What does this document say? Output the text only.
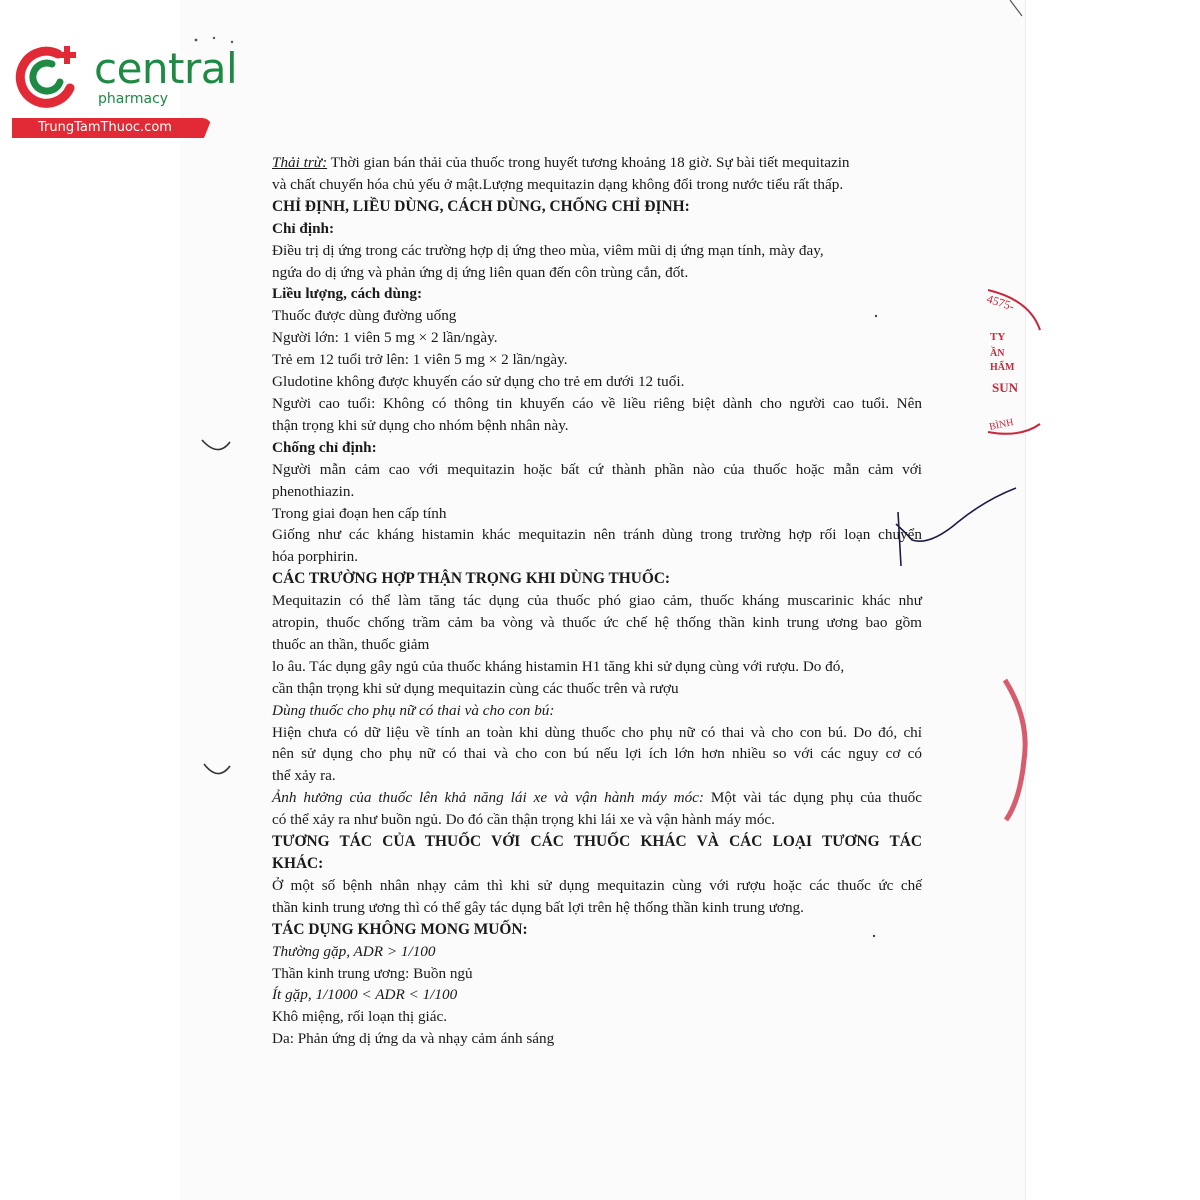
central
pharmacy
TrungTamThuoc.com
4575-
TY
ẦN
HẨM
SUN
BÌNH
Thải trừ: Thời gian bán thải của thuốc trong huyết tương khoảng 18 giờ. Sự bài tiết mequitazin
và chất chuyển hóa chủ yếu ở mật.Lượng mequitazin dạng không đổi trong nước tiểu rất thấp.
CHỈ ĐỊNH, LIỀU DÙNG, CÁCH DÙNG, CHỐNG CHỈ ĐỊNH:
Chỉ định:
Điều trị dị ứng trong các trường hợp dị ứng theo mùa, viêm mũi dị ứng mạn tính, mày đay,
ngứa do dị ứng và phản ứng dị ứng liên quan đến côn trùng cắn, đốt.
Liều lượng, cách dùng:
Thuốc được dùng đường uống
Người lớn: 1 viên 5 mg × 2 lần/ngày.
Trẻ em 12 tuổi trở lên: 1 viên 5 mg × 2 lần/ngày.
Gludotine không được khuyến cáo sử dụng cho trẻ em dưới 12 tuổi.
Người cao tuổi: Không có thông tin khuyến cáo về liều riêng biệt dành cho người cao tuổi. Nên
thận trọng khi sử dụng cho nhóm bệnh nhân này.
Chống chỉ định:
Người mẫn cảm cao với mequitazin hoặc bất cứ thành phần nào của thuốc hoặc mẫn cảm với
phenothiazin.
Trong giai đoạn hen cấp tính
Giống như các kháng histamin khác mequitazin nên tránh dùng trong trường hợp rối loạn chuyển
hóa porphirin.
CÁC TRƯỜNG HỢP THẬN TRỌNG KHI DÙNG THUỐC:
Mequitazin có thể làm tăng tác dụng của thuốc phó giao cảm, thuốc kháng muscarinic khác như
atropin, thuốc chống trầm cảm ba vòng và thuốc ức chế hệ thống thần kinh trung ương bao gồm
thuốc an thần, thuốc giảm
lo âu. Tác dụng gây ngủ của thuốc kháng histamin H1 tăng khi sử dụng cùng với rượu. Do đó,
cần thận trọng khi sử dụng mequitazin cùng các thuốc trên và rượu
Dùng thuốc cho phụ nữ có thai và cho con bú:
Hiện chưa có dữ liệu về tính an toàn khi dùng thuốc cho phụ nữ có thai và cho con bú. Do đó, chỉ
nên sử dụng cho phụ nữ có thai và cho con bú nếu lợi ích lớn hơn nhiều so với các nguy cơ có
thể xảy ra.
Ảnh hưởng của thuốc lên khả năng lái xe và vận hành máy móc: Một vài tác dụng phụ của thuốc
có thể xảy ra như buồn ngủ. Do đó cần thận trọng khi lái xe và vận hành máy móc.
TƯƠNG TÁC CỦA THUỐC VỚI CÁC THUỐC KHÁC VÀ CÁC LOẠI TƯƠNG TÁC
KHÁC:
Ở một số bệnh nhân nhạy cảm thì khi sử dụng mequitazin cùng với rượu hoặc các thuốc ức chế
thần kinh trung ương thì có thể gây tác dụng bất lợi trên hệ thống thần kinh trung ương.
TÁC DỤNG KHÔNG MONG MUỐN:
Thường gặp, ADR > 1/100
Thần kinh trung ương: Buồn ngủ
Ít gặp, 1/1000 < ADR < 1/100
Khô miệng, rối loạn thị giác.
Da: Phản ứng dị ứng da và nhạy cảm ánh sáng
